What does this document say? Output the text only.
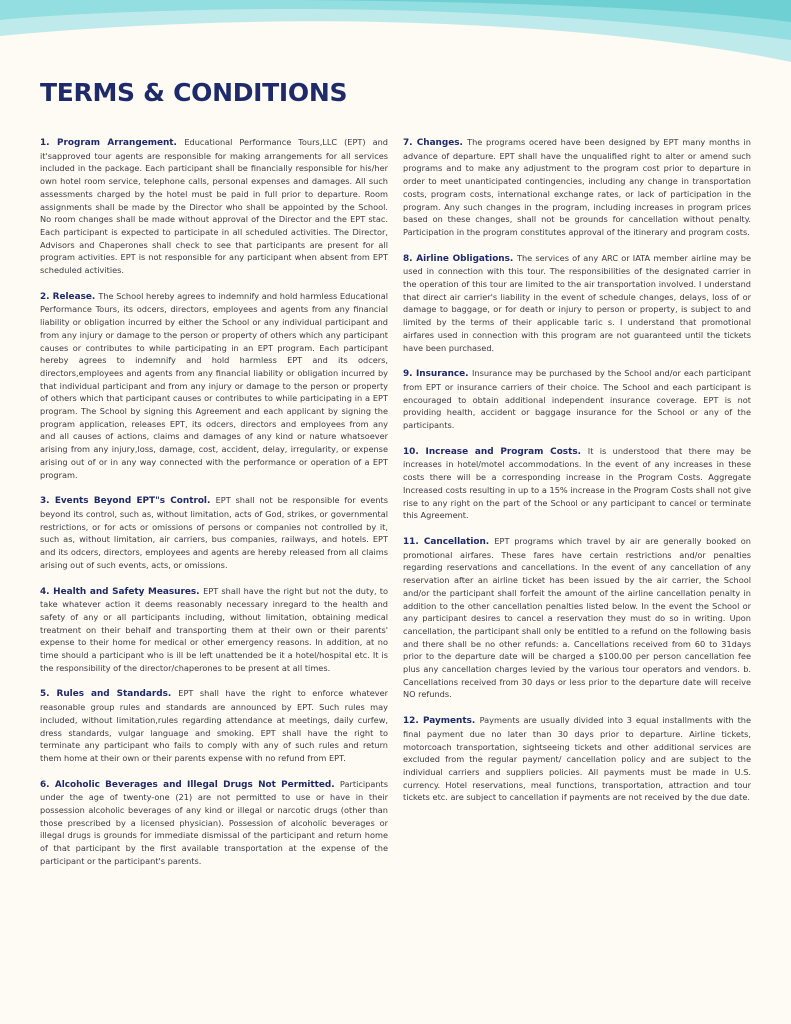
TERMS & CONDITIONS

1. Program Arrangement. Educational Performance Tours,LLC (EPT) and it'sapproved tour agents are responsible for making arrangements for all services included in the package. Each participant shall be financially responsible for his/her own hotel room service, telephone calls, personal expenses and damages. All such assessments charged by the hotel must be paid in full prior to departure. Room assignments shall be made by the Director who shall be appointed by the School. No room changes shall be made without approval of the Director and the EPT stac. Each participant is expected to participate in all scheduled activities. The Director, Advisors and Chaperones shall check to see that participants are present for all program activities. EPT is not responsible for any participant when absent from EPT scheduled activities.

2. Release. The School hereby agrees to indemnify and hold harmless Educational Performance Tours, its odcers, directors, employees and agents from any financial liability or obligation incurred by either the School or any individual participant and from any injury or damage to the person or property of others which any participant causes or contributes to while participating in an EPT program. Each participant hereby agrees to indemnify and hold harmless EPT and its odcers, directors,employees and agents from any financial liability or obligation incurred by that individual participant and from any injury or damage to the person or property of others which that participant causes or contributes to while participating in a EPT program. The School by signing this Agreement and each applicant by signing the program application, releases EPT, its odcers, directors and employees from any and all causes of actions, claims and damages of any kind or nature whatsoever arising from any injury,loss, damage, cost, accident, delay, irregularity, or expense arising out of or in any way connected with the performance or operation of a EPT program.

3. Events Beyond EPT"s Control. EPT shall not be responsible for events beyond its control, such as, without limitation, acts of God, strikes, or governmental restrictions, or for acts or omissions of persons or companies not controlled by it, such as, without limitation, air carriers, bus companies, railways, and hotels. EPT and its odcers, directors, employees and agents are hereby released from all claims arising out of such events, acts, or omissions.

4. Health and Safety Measures. EPT shall have the right but not the duty, to take whatever action it deems reasonably necessary inregard to the health and safety of any or all participants including, without limitation, obtaining medical treatment on their behalf and transporting them at their own or their parents' expense to their home for medical or other emergency reasons. In addition, at no time should a participant who is ill be left unattended be it a hotel/hospital etc. It is the responsibility of the director/chaperones to be present at all times.

5. Rules and Standards. EPT shall have the right to enforce whatever reasonable group rules and standards are announced by EPT. Such rules may included, without limitation,rules regarding attendance at meetings, daily curfew, dress standards, vulgar language and smoking. EPT shall have the right to terminate any participant who fails to comply with any of such rules and return them home at their own or their parents expense with no refund from EPT.

6. Alcoholic Beverages and Illegal Drugs Not Permitted. Participants under the age of twenty-one (21) are not permitted to use or have in their possession alcoholic beverages of any kind or illegal or narcotic drugs (other than those prescribed by a licensed physician). Possession of alcoholic beverages or illegal drugs is grounds for immediate dismissal of the participant and return home of that participant by the first available transportation at the expense of the participant or the participant's parents.

7. Changes. The programs ocered have been designed by EPT many months in advance of departure. EPT shall have the unqualified right to alter or amend such programs and to make any adjustment to the program cost prior to departure in order to meet unanticipated contingencies, including any change in transportation costs, program costs, international exchange rates, or lack of participation in the program. Any such changes in the program, including increases in program prices based on these changes, shall not be grounds for cancellation without penalty. Participation in the program constitutes approval of the itinerary and program costs.

8. Airline Obligations. The services of any ARC or IATA member airline may be used in connection with this tour. The responsibilities of the designated carrier in the operation of this tour are limited to the air transportation involved. I understand that direct air carrier's liability in the event of schedule changes, delays, loss of or damage to baggage, or for death or injury to person or property, is subject to and limited by the terms of their applicable taric s. I understand that promotional airfares used in connection with this program are not guaranteed until the tickets have been purchased.

9. Insurance. Insurance may be purchased by the School and/or each participant from EPT or insurance carriers of their choice. The School and each participant is encouraged to obtain additional independent insurance coverage. EPT is not providing health, accident or baggage insurance for the School or any of the participants.

10. Increase and Program Costs. It is understood that there may be increases in hotel/motel accommodations. In the event of any increases in these costs there will be a corresponding increase in the Program Costs. Aggregate Increased costs resulting in up to a 15% increase in the Program Costs shall not give rise to any right on the part of the School or any participant to cancel or terminate this Agreement.

11. Cancellation. EPT programs which travel by air are generally booked on promotional airfares. These fares have certain restrictions and/or penalties regarding reservations and cancellations. In the event of any cancellation of any reservation after an airline ticket has been issued by the air carrier, the School and/or the participant shall forfeit the amount of the airline cancellation penalty in addition to the other cancellation penalties listed below. In the event the School or any participant desires to cancel a reservation they must do so in writing. Upon cancellation, the participant shall only be entitled to a refund on the following basis and there shall be no other refunds: a. Cancellations received from 60 to 31days prior to the departure date will be charged a $100.00 per person cancellation fee plus any cancellation charges levied by the various tour operators and vendors. b. Cancellations received from 30 days or less prior to the departure date will receive NO refunds.

12. Payments. Payments are usually divided into 3 equal installments with the final payment due no later than 30 days prior to departure. Airline tickets, motorcoach transportation, sightseeing tickets and other additional services are excluded from the regular payment/ cancellation policy and are subject to the individual carriers and suppliers policies. All payments must be made in U.S. currency. Hotel reservations, meal functions, transportation, attraction and tour tickets etc. are subject to cancellation if payments are not received by the due date.
